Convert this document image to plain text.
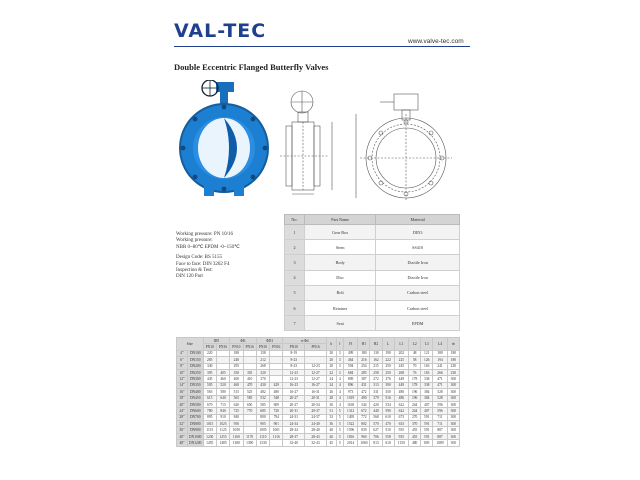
VAL-TEC	www.valve-tec.com
Double Eccentric Flanged Butterfly Valves
Working pressure: PN 10/16
Working pressure:
NBR 0~80℃ EPDM -0~150℃
Design Code: BS 5155
Face to face: DIN 3202 F4
Inspection & Test:
DIN 120 Part
No.	Part Name	Material
1	Gear Box	DIN3
2	Stem	SS410
3	Body	Ductile Iron
4	Disc	Ductile Iron
5	Bolt	Carbon steel
6	Retainer	Carbon steel
7	Seat	EPDM
Size		ΦD		ΦK		ΦD1		n-Φd		b	f	H	H1	H2	L	L1	L2	L3	L4	⊕
		PN10	PN16	PN10	PN16	PN10	PN16	PN10	PN16											
4"	DN100	220		180		158		8-19		20	3	499	180	130	190	202	48	121	180	180
6"	DN150	285		240		212		8-23		20	3	464	216	162	222	225	58	126	194	180
8"	DN200	340		295		268		8-23	12-23	20	3	594	254	215	250	245	70	163	241	230
10"	DN250	395	405	350	355	320		12-23	12-27	22	3	684	285	258	250	268	76	163	266	230
12"	DN300	445	460	400	410	370		12-23	12-27	24	4	809	387	272	376	449	178	338	471	300
14"	DN350	505	520	460	470	430	429	16-23	16-27	24	4	896	431	313	390	449	178	338	471	300
16"	DN400	565	580	515	525	482	480	16-27	16-31	26	4	973	472	331	350	480	196	384	528	300
18"	DN450	615	640	565	585	532	548	20-27	20-31	28	4	1019	490	379	516	486	196	384	528	300
20"	DN500	670	715	620	650	585	609	20-27	20-34	30	4	1168	544	420	534	622	244	407	596	300
24"	DN600	780	840	725	770	685	720	20-31	20-37	31	5	1312	672	440	590	622	244	407	596	300
28"	DN700	895	910	840		800	794	24-31	24-37	33	5	1495	772	568	610	673	270	591	711	300
32"	DN800	1015	1025	950		905	901	24-34	24-40	36	5	1522	802	570	470	633	370	591	711	300
36"	DN900	1115	1125	1050		1005	1001	28-34	28-40	40	5	1596	839	627	510	935	455	591	887	300
40"	DN1000	1230	1255	1160	1170	1110	1116	28-37	28-43	40	5	1816	960	706	558	935	455	591	887	300
48"	DN1200	1455	1485	1380	1390	1330		32-40	32-43	45	5	2014	1060	813	610	1150	480	805	1089	300
